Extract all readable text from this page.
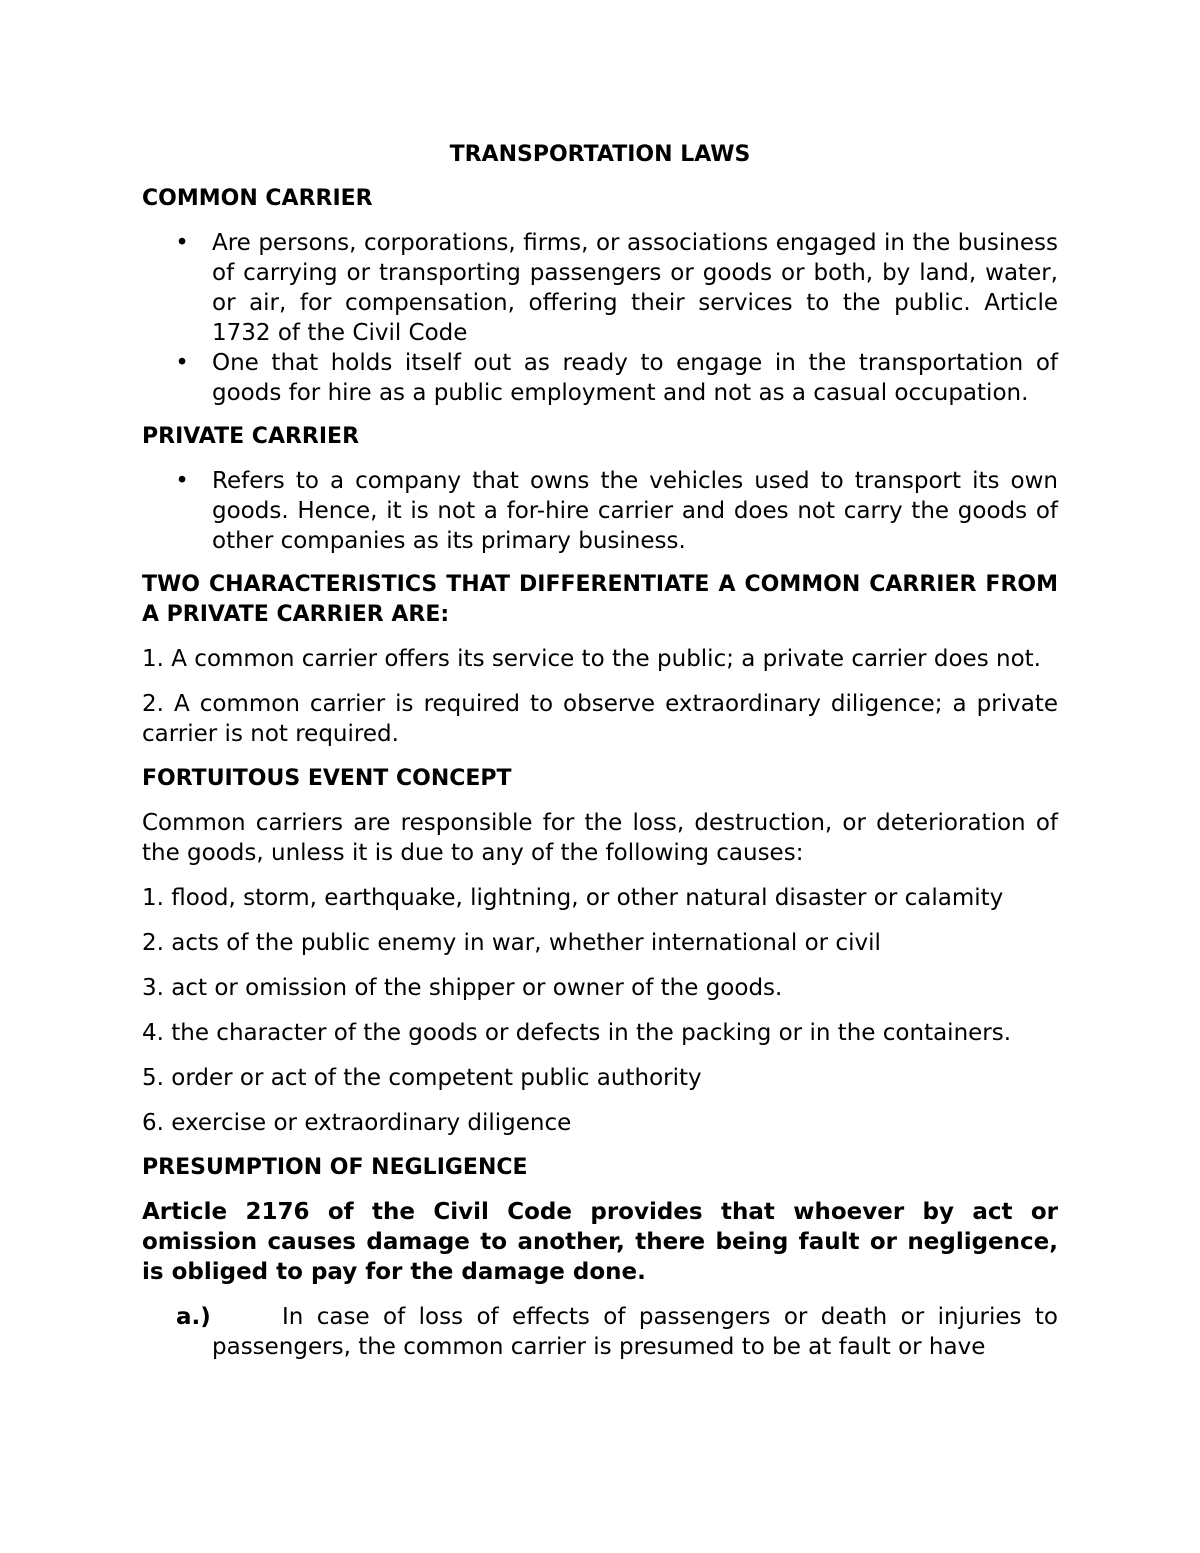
TRANSPORTATION LAWS
COMMON CARRIER
• Are persons, corporations, firms, or associations engaged in the business of carrying or transporting passengers or goods or both, by land, water, or air, for compensation, offering their services to the public. Article 1732 of the Civil Code
• One that holds itself out as ready to engage in the transportation of goods for hire as a public employment and not as a casual occupation.
PRIVATE CARRIER
• Refers to a company that owns the vehicles used to transport its own goods. Hence, it is not a for-hire carrier and does not carry the goods of other companies as its primary business.
TWO CHARACTERISTICS THAT DIFFERENTIATE A COMMON CARRIER FROM A PRIVATE CARRIER ARE:

1. A common carrier offers its service to the public; a private carrier does not.

2. A common carrier is required to observe extraordinary diligence; a private carrier is not required.

FORTUITOUS EVENT CONCEPT

Common carriers are responsible for the loss, destruction, or deterioration of the goods, unless it is due to any of the following causes:

1. flood, storm, earthquake, lightning, or other natural disaster or calamity

2. acts of the public enemy in war, whether international or civil

3. act or omission of the shipper or owner of the goods.

4. the character of the goods or defects in the packing or in the containers.

5. order or act of the competent public authority

6. exercise or extraordinary diligence

PRESUMPTION OF NEGLIGENCE

Article 2176 of the Civil Code provides that whoever by act or omission causes damage to another, there being fault or negligence, is obliged to pay for the damage done.

a.)	In case of loss of effects of passengers or death or injuries to passengers, the common carrier is presumed to be at fault or have
